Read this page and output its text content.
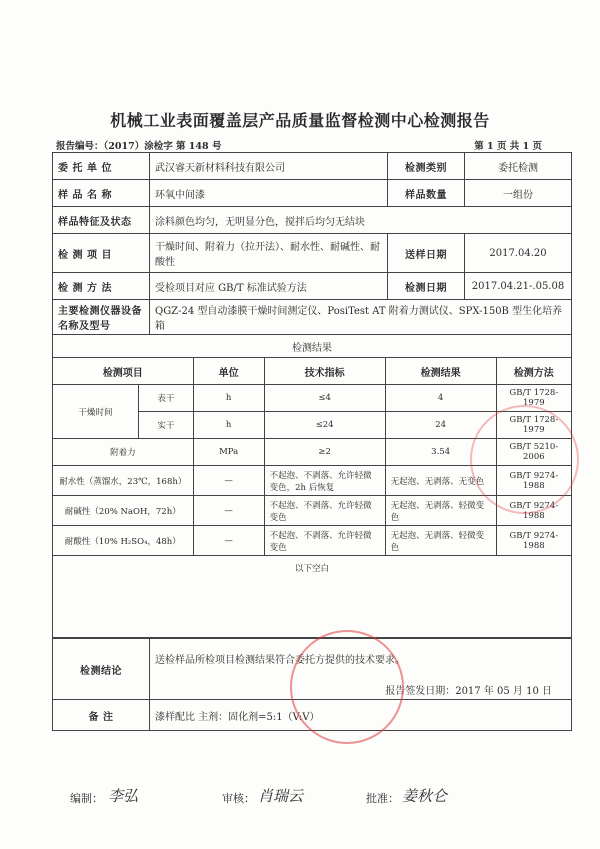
机械工业表面覆盖层产品质量监督检测中心检测报告
报告编号：（2017）涂检字 第 148 号	第 1 页 共 1 页
委 托 单 位	武汉睿天新材料科技有限公司	检测类别	委托检测
样 品 名 称	环氧中间漆	样品数量	一组份
样品特征及状态	涂料颜色均匀，无明显分色，搅拌后均匀无结块
检 测 项 目	干燥时间、附着力（拉开法）、耐水性、耐碱性、耐酸性	送样日期	2017.04.20
检 测 方 法	受检项目对应 GB/T 标准试验方法	检测日期	2017.04.21-.05.08
主要检测仪器设备名称及型号	QGZ-24 型自动漆膜干燥时间测定仪、PosiTest AT 附着力测试仪、SPX-150B 型生化培养箱
检测结果

检测项目	单位	技术指标	检测结果	检测方法
干燥时间	表干	h	≤4	4	GB/T 1728-1979
实干	h	≤24	24	GB/T 1728-1979
附着力	MPa	≥2	3.54	GB/T 5210-2006
耐水性（蒸馏水，23℃，168h）	—	不起泡、不剥落、允许轻微变色，2h 后恢复	无起泡、无剥落、无变色	GB/T 9274-1988
耐碱性（20% NaOH，72h）	—	不起泡、不剥落、允许轻微变色	无起泡、无剥落、轻微变色	GB/T 9274-1988
耐酸性（10% H₂SO₄，48h）	—	不起泡、不剥落、允许轻微变色	无起泡、无剥落、轻微变色	GB/T 9274-1988
以下空白

检测结论	
送检样品所检项目检测结果符合委托方提供的技术要求。
报告签发日期：2017 年 05 月 10 日

备 注	漆样配比 主剂：固化剂=5:1（V:V）
编制： 李弘	审核： 肖瑞云	批准： 姜秋仑
